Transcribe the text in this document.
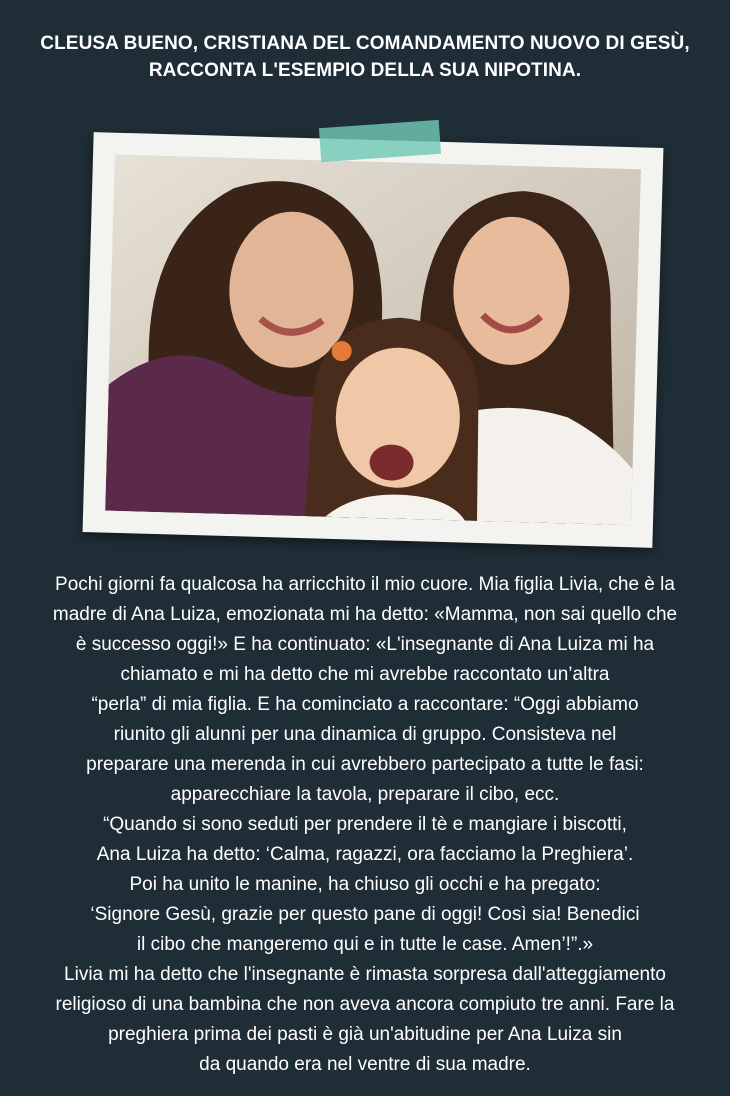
CLEUSA BUENO, CRISTIANA DEL COMANDAMENTO NUOVO DI GESÙ,
RACCONTA L'ESEMPIO DELLA SUA NIPOTINA.
Pochi giorni fa qualcosa ha arricchito il mio cuore. Mia figlia Livia, che è la
madre di Ana Luiza, emozionata mi ha detto: «Mamma, non sai quello che
è successo oggi!» E ha continuato: «L'insegnante di Ana Luiza mi ha
chiamato e mi ha detto che mi avrebbe raccontato un’altra
“perla” di mia figlia. E ha cominciato a raccontare: “Oggi abbiamo
riunito gli alunni per una dinamica di gruppo. Consisteva nel
preparare una merenda in cui avrebbero partecipato a tutte le fasi:
apparecchiare la tavola, preparare il cibo, ecc.
“Quando si sono seduti per prendere il tè e mangiare i biscotti,
Ana Luiza ha detto: ‘Calma, ragazzi, ora facciamo la Preghiera’.
Poi ha unito le manine, ha chiuso gli occhi e ha pregato:
‘Signore Gesù, grazie per questo pane di oggi! Così sia! Benedici
il cibo che mangeremo qui e in tutte le case. Amen’!”.»
Livia mi ha detto che l'insegnante è rimasta sorpresa dall'atteggiamento
religioso di una bambina che non aveva ancora compiuto tre anni. Fare la
preghiera prima dei pasti è già un'abitudine per Ana Luiza sin
da quando era nel ventre di sua madre.
